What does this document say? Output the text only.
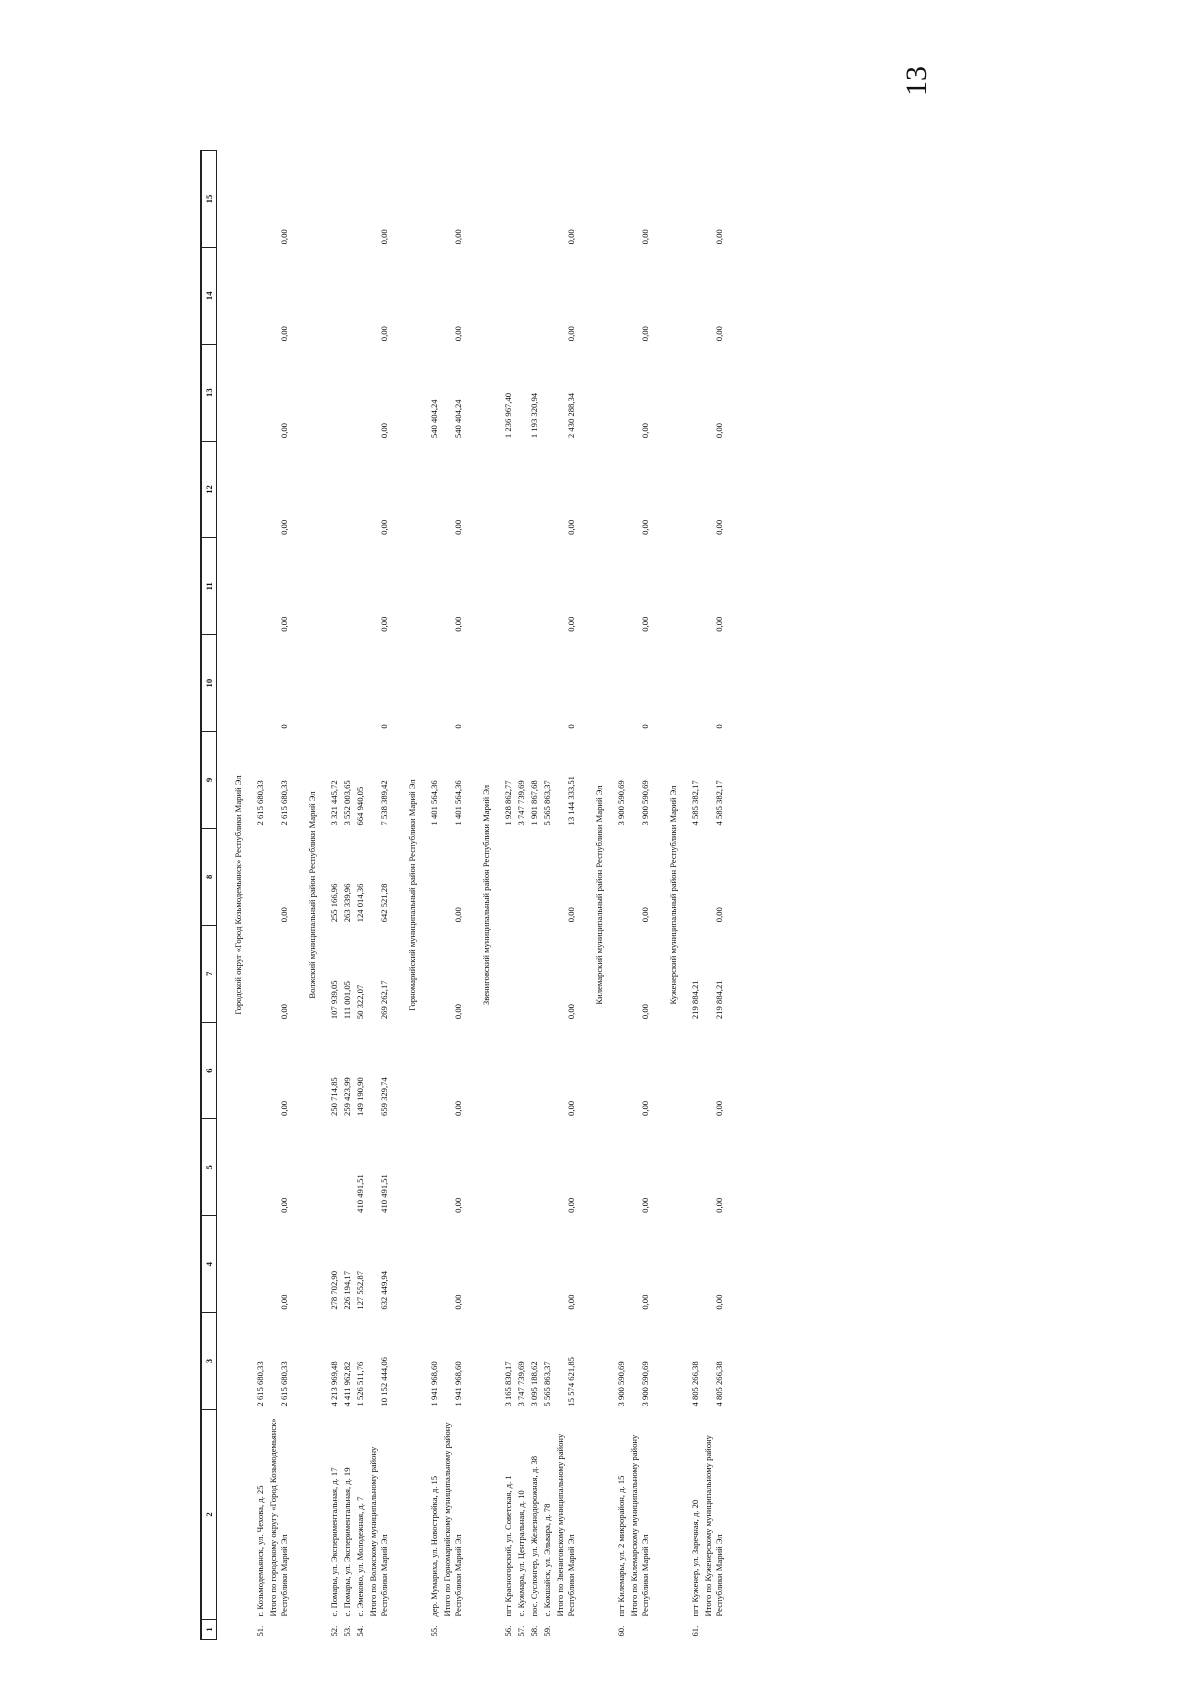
13
1	2	3	4	5	6	7	8	9	10	11	12	13	14	15
Городской округ «Город Козьмодемьянск» Республики Марий Эл														
51.	г. Козьмодемьянск, ул. Чехова, д. 25	2 615 680,33						2 615 680,33						
	Итого по городскому округу «Город Козьмодемьянск» Республики Марий Эл	2 615 680,33	0,00	0,00	0,00	0,00	0,00	2 615 680,33	0	0,00	0,00	0,00	0,00	0,00
Волжский муниципальный район Республики Марий Эл														
52.	с. Помары, ул. Экспериментальная, д. 17	4 213 969,48	278 702,90		250 714,85	107 939,05	255 166,96	3 321 445,72						
53.	с. Помары, ул. Экспериментальная, д. 19	4 411 962,82	226 194,17		259 423,99	111 001,05	263 339,96	3 552 003,65						
54.	с. Эмеково, ул. Молодежная, д. 7	1 526 511,76	127 552,87	410 491,51	149 190,90	50 322,07	124 014,36	664 940,05						
	Итого по Волжскому муниципальному району Республики Марий Эл	10 152 444,06	632 449,94	410 491,51	659 329,74	269 262,17	642 521,28	7 538 389,42	0	0,00	0,00	0,00	0,00	0,00
Горномарийский муниципальный район Республики Марий Эл														
55.	дер. Мумариха, ул. Новостройка, д. 15	1 941 968,60						1 401 564,36				540 404,24		
	Итого по Горномарийскому муниципальному району Республики Марий Эл	1 941 968,60	0,00	0,00	0,00	0,00	0,00	1 401 564,36	0	0,00	0,00	540 404,24	0,00	0,00
Звениговский муниципальный район Республики Марий Эл														
56.	пгт Красногорский, ул. Советская, д. 1	3 165 830,17						1 928 862,77				1 236 967,40		
57.	с. Кужмара, ул. Центральная, д. 10	3 747 739,69						3 747 739,69						
58.	пос. Суслонгер, ул. Железнодорожная, д. 38	3 095 188,62						1 901 867,68				1 193 320,94		
59.	с. Кокшайск, ул. Эльвара, д. 78	5 565 863,37						5 565 863,37						
	Итого по Звениговскому муниципальному району Республики Марий Эл	15 574 621,85	0,00	0,00	0,00	0,00	0,00	13 144 333,51	0	0,00	0,00	2 430 288,34	0,00	0,00
Килемарский муниципальный район Республики Марий Эл														
60.	пгт Килемары, ул. 2 микрорайон, д. 15	3 900 590,69						3 900 590,69						
	Итого по Килемарскому муниципальному району Республики Марий Эл	3 900 590,69	0,00	0,00	0,00	0,00	0,00	3 900 590,69	0	0,00	0,00	0,00	0,00	0,00
Куженерский муниципальный район Республики Марий Эл														
61.	пгт Куженер, ул. Заречная, д. 20	4 805 266,38				219 884,21		4 585 382,17						
	Итого по Куженерскому муниципальному району Республики Марий Эл	4 805 266,38	0,00	0,00	0,00	219 884,21	0,00	4 585 382,17	0	0,00	0,00	0,00	0,00	0,00
